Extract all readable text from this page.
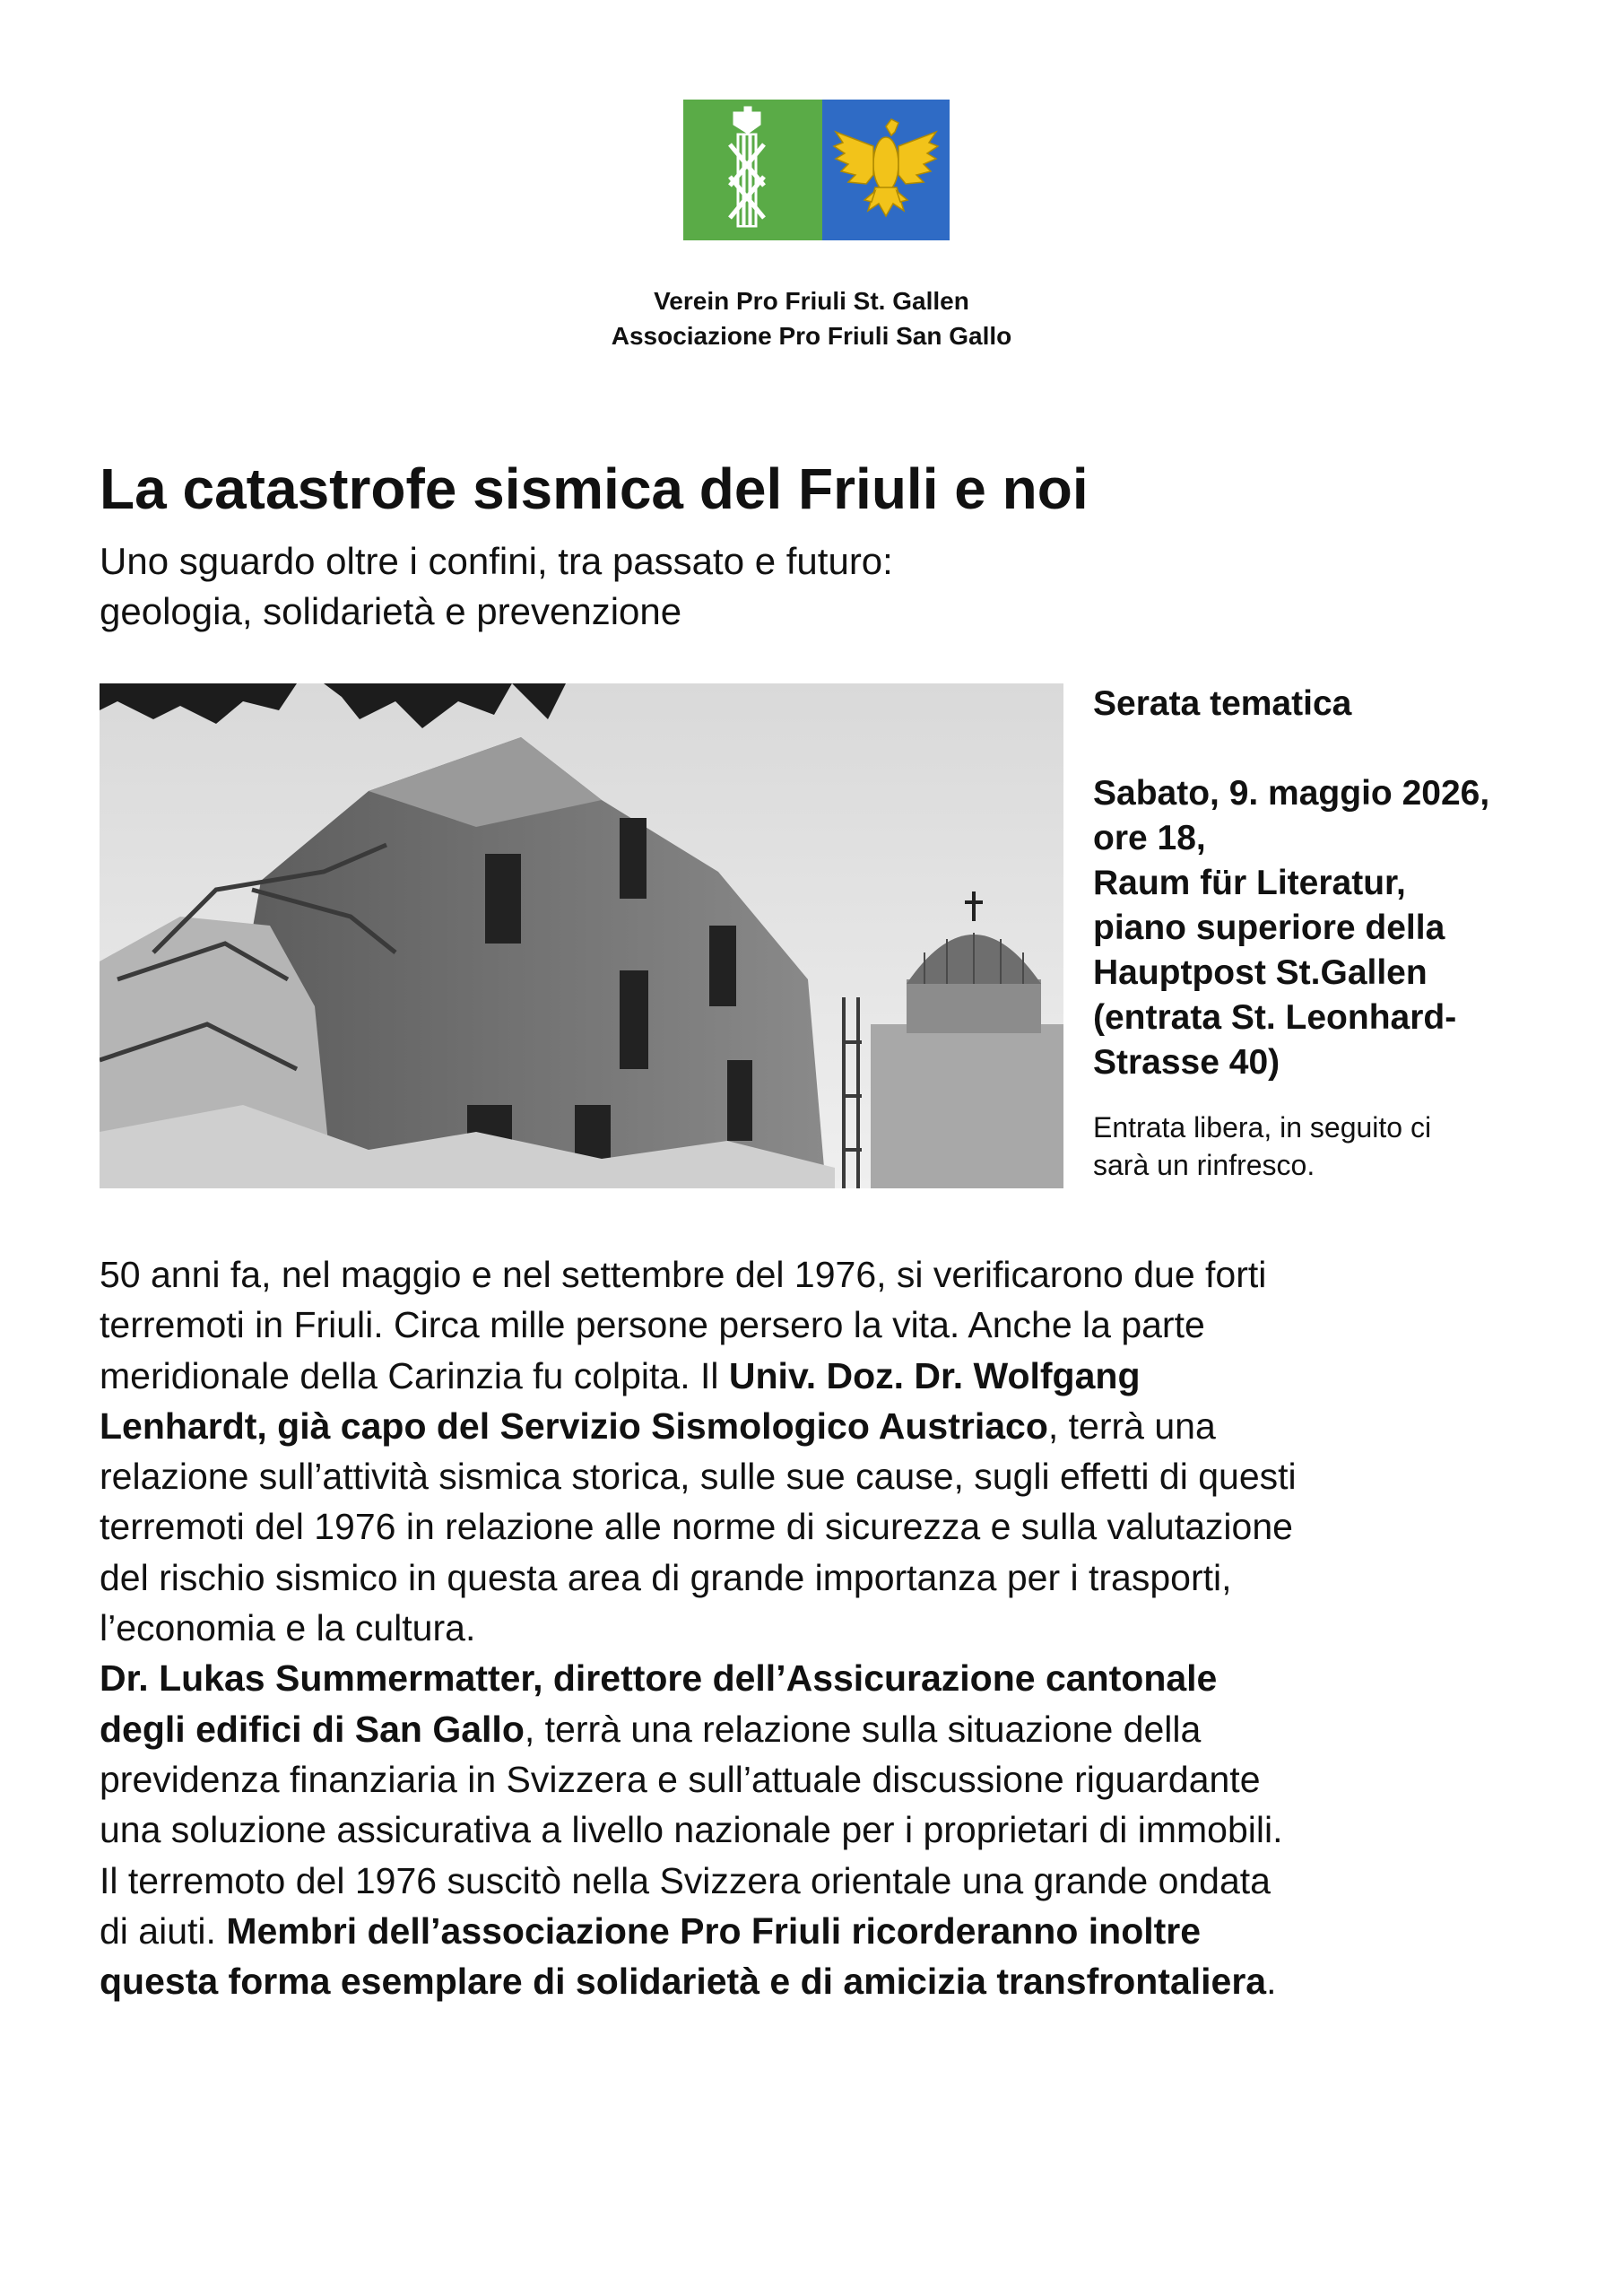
Verein Pro Friuli St. Gallen
Associazione Pro Friuli San Gallo
La catastrofe sismica del Friuli e noi
Uno sguardo oltre i confini, tra passato e futuro:
geologia, solidarietà e prevenzione

Serata tematica

Sabato, 9. maggio 2026,
ore 18,
Raum für Literatur,
piano superiore della
Hauptpost St.Gallen
(entrata St. Leonhard-
Strasse 40)

Entrata libera, in seguito ci
sarà un rinfresco.
50 anni fa, nel maggio e nel settembre del 1976, si verificarono due forti
terremoti in Friuli. Circa mille persone persero la vita. Anche la parte
meridionale della Carinzia fu colpita. Il Univ. Doz. Dr. Wolfgang
Lenhardt, già capo del Servizio Sismologico Austriaco, terrà una
relazione sull’attività sismica storica, sulle sue cause, sugli effetti di questi
terremoti del 1976 in relazione alle norme di sicurezza e sulla valutazione
del rischio sismico in questa area di grande importanza per i trasporti,
l’economia e la cultura.
Dr. Lukas Summermatter, direttore dell’Assicurazione cantonale
degli edifici di San Gallo, terrà una relazione sulla situazione della
previdenza finanziaria in Svizzera e sull’attuale discussione riguardante
una soluzione assicurativa a livello nazionale per i proprietari di immobili.
Il terremoto del 1976 suscitò nella Svizzera orientale una grande ondata
di aiuti. Membri dell’associazione Pro Friuli ricorderanno inoltre
questa forma esemplare di solidarietà e di amicizia transfrontaliera.
